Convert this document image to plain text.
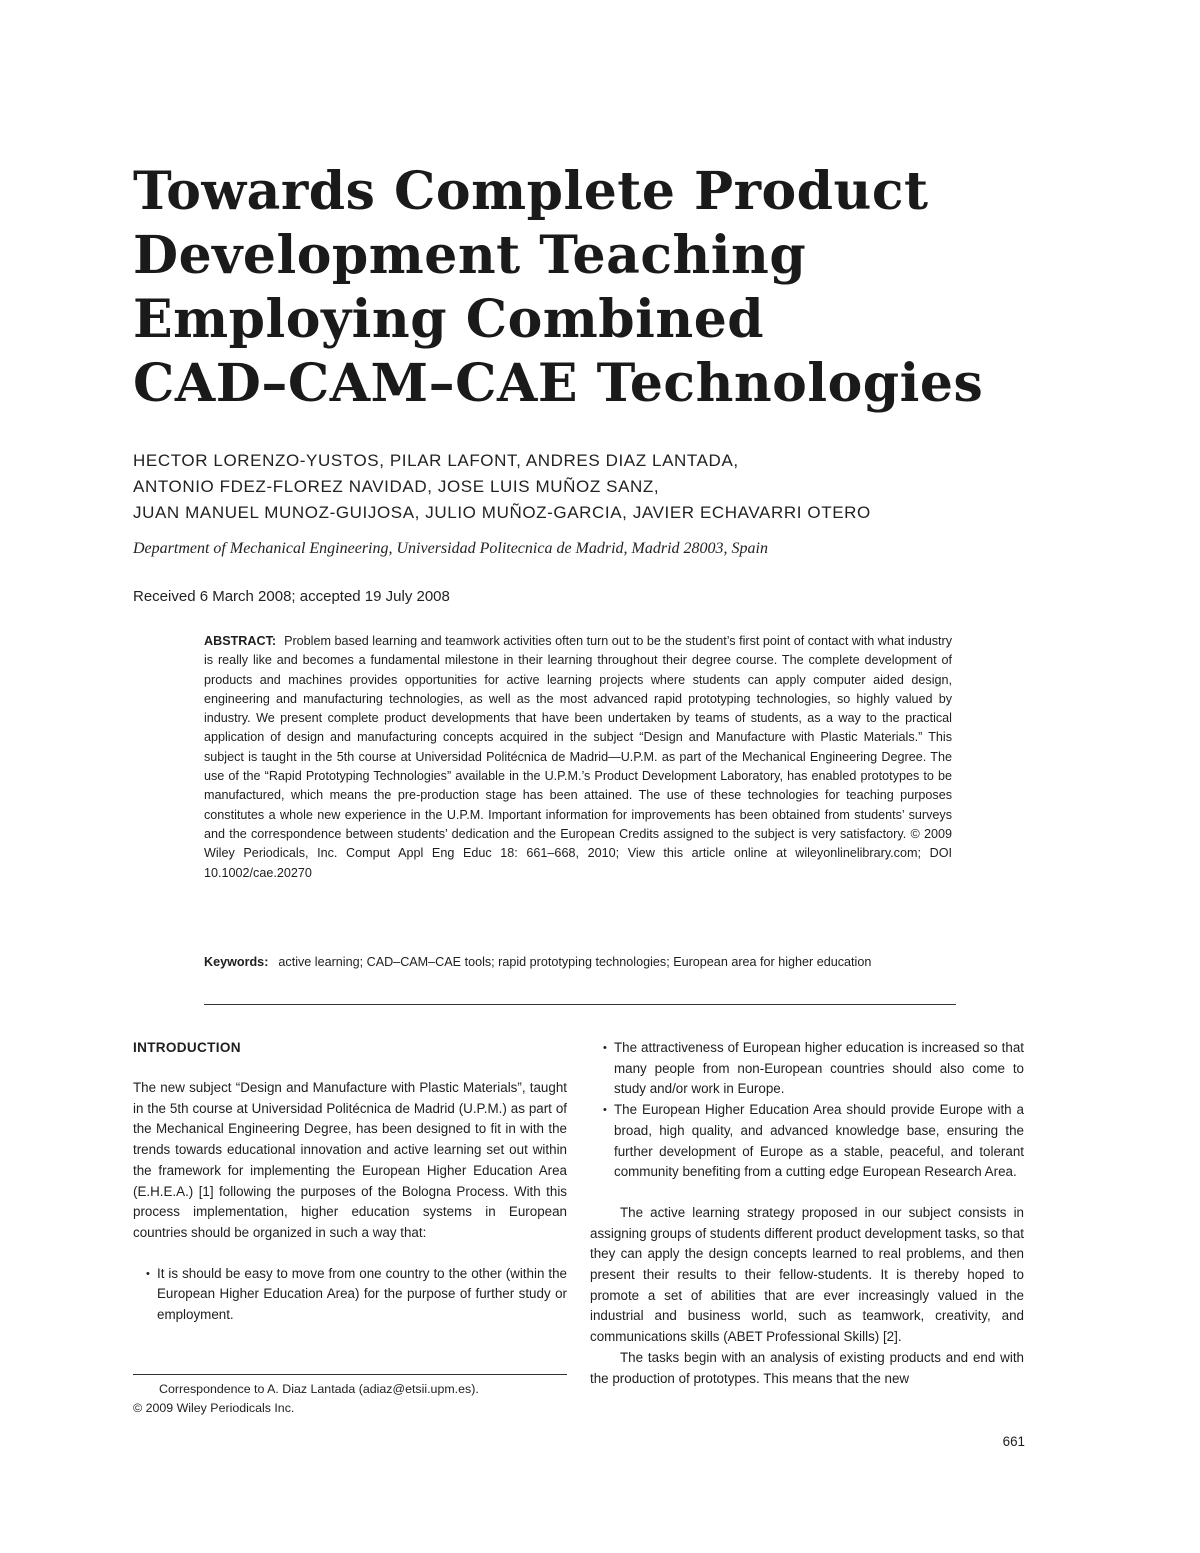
Towards Complete Product
Development Teaching
Employing Combined
CAD–CAM–CAE Technologies
HECTOR LORENZO-YUSTOS, PILAR LAFONT, ANDRES DIAZ LANTADA,
ANTONIO FDEZ-FLOREZ NAVIDAD, JOSE LUIS MUÑOZ SANZ,
JUAN MANUEL MUNOZ-GUIJOSA, JULIO MUÑOZ-GARCIA, JAVIER ECHAVARRI OTERO
Department of Mechanical Engineering, Universidad Politecnica de Madrid, Madrid 28003, Spain
Received 6 March 2008; accepted 19 July 2008
ABSTRACT: Problem based learning and teamwork activities often turn out to be the student’s first point of contact with what industry is really like and becomes a fundamental milestone in their learning throughout their degree course. The complete development of products and machines provides opportunities for active learning projects where students can apply computer aided design, engineering and manufacturing technologies, as well as the most advanced rapid prototyping technologies, so highly valued by industry. We present complete product developments that have been undertaken by teams of students, as a way to the practical application of design and manufacturing concepts acquired in the subject “Design and Manufacture with Plastic Materials.” This subject is taught in the 5th course at Universidad Politécnica de Madrid—U.P.M. as part of the Mechanical Engineering Degree. The use of the “Rapid Prototyping Technologies” available in the U.P.M.’s Product Development Laboratory, has enabled prototypes to be manufactured, which means the pre-production stage has been attained. The use of these technologies for teaching purposes constitutes a whole new experience in the U.P.M. Important information for improvements has been obtained from students’ surveys and the correspondence between students’ dedication and the European Credits assigned to the subject is very satisfactory. © 2009 Wiley Periodicals, Inc. Comput Appl Eng Educ 18: 661–668, 2010; View this article online at wileyonlinelibrary.com; DOI 10.1002/cae.20270
Keywords: active learning; CAD–CAM–CAE tools; rapid prototyping technologies; European area for higher education
INTRODUCTION

The new subject “Design and Manufacture with Plastic Materials”, taught in the 5th course at Universidad Politécnica de Madrid (U.P.M.) as part of the Mechanical Engineering Degree, has been designed to fit in with the trends towards educational innovation and active learning set out within the framework for implementing the European Higher Education Area (E.H.E.A.) [1] following the purposes of the Bologna Process. With this process implementation, higher education systems in European countries should be organized in such a way that:

• It is should be easy to move from one country to the other (within the European Higher Education Area) for the purpose of further study or employment.
• The attractiveness of European higher education is increased so that many people from non-European countries should also come to study and/or work in Europe.
• The European Higher Education Area should provide Europe with a broad, high quality, and advanced knowledge base, ensuring the further development of Europe as a stable, peaceful, and tolerant community benefiting from a cutting edge European Research Area.

The active learning strategy proposed in our subject consists in assigning groups of students different product development tasks, so that they can apply the design concepts learned to real problems, and then present their results to their fellow-students. It is thereby hoped to promote a set of abilities that are ever increasingly valued in the industrial and business world, such as teamwork, creativity, and communications skills (ABET Professional Skills) [2].

The tasks begin with an analysis of existing products and end with the production of prototypes. This means that the new

Correspondence to A. Diaz Lantada (adiaz@etsii.upm.es).
© 2009 Wiley Periodicals Inc.
661
